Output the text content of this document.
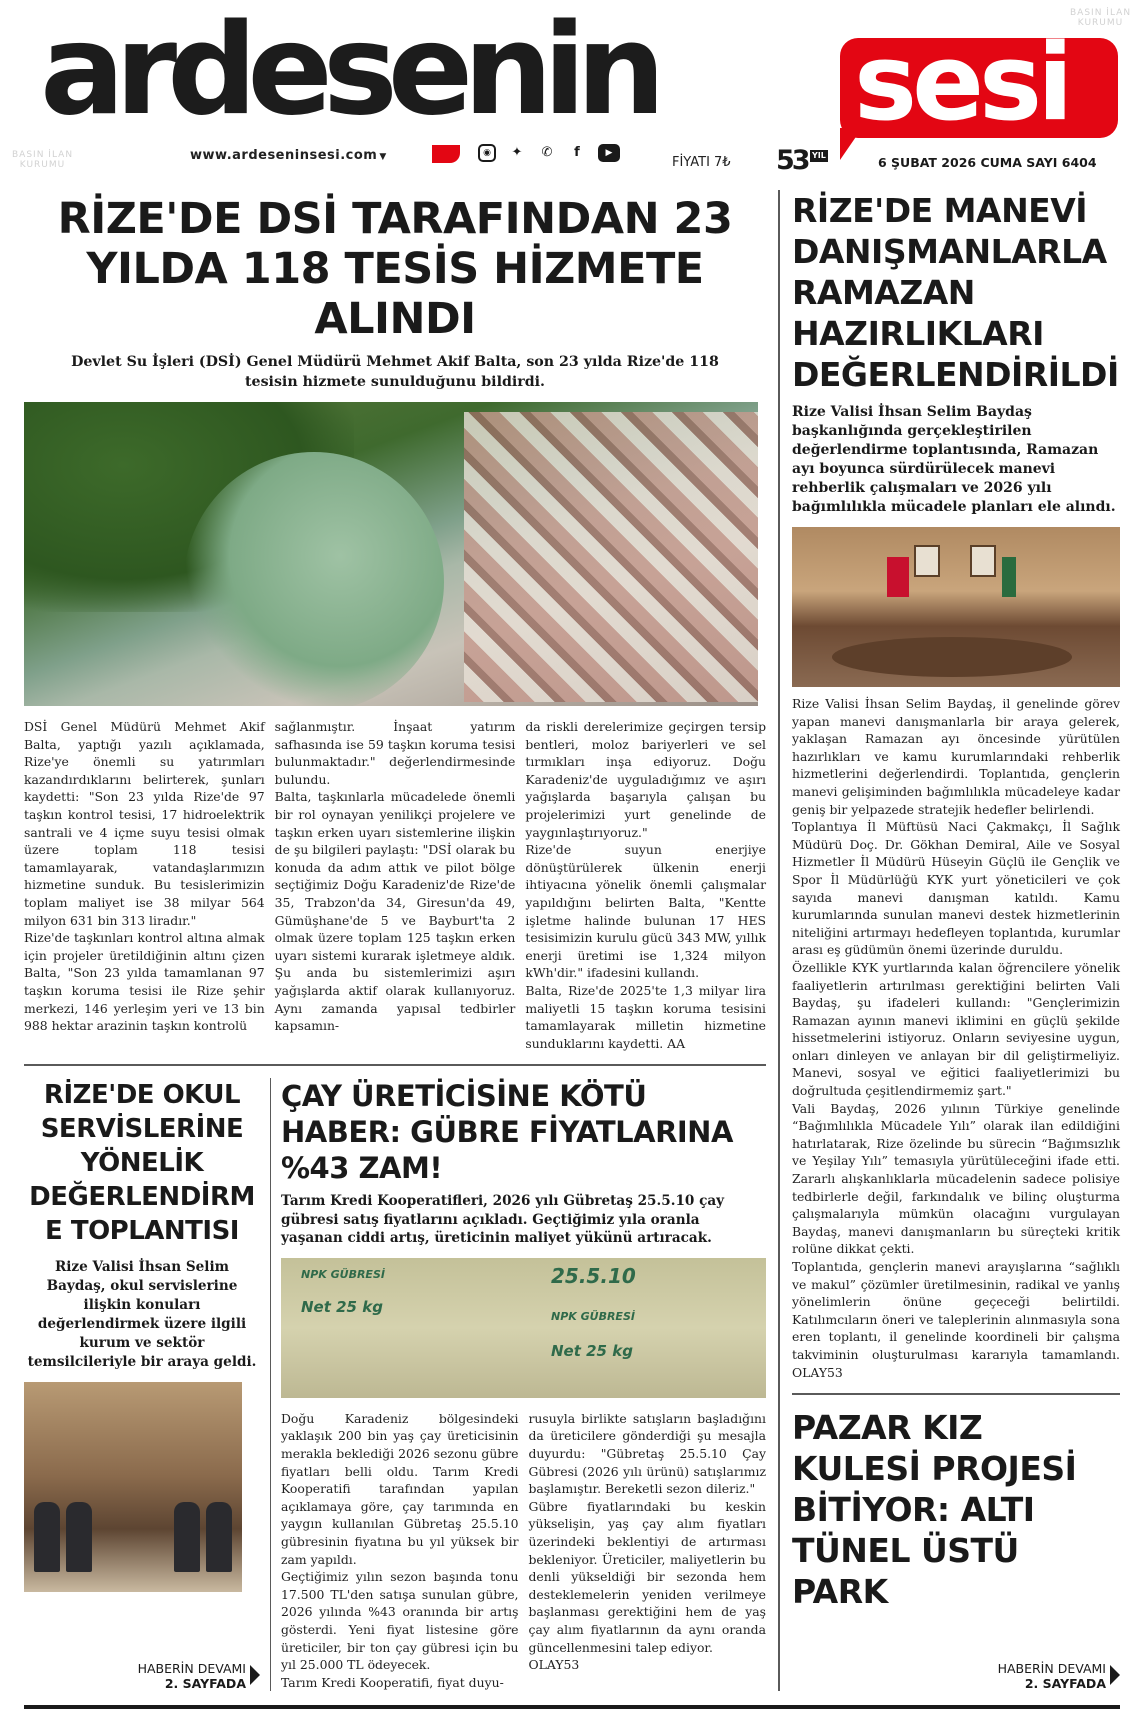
ardesenin sesi
www.ardeseninsesi.com ▼	◉	✦ ✆	f	▶
FİYATI 7₺ 53 YIL	6 ŞUBAT 2026 CUMA SAYI 6404
BASIN İLAN
KURUMU
BASIN İLAN
KURUMU
RİZE'DE DSİ TARAFINDAN 23 YILDA 118 TESİS HİZMETE ALINDI

Devlet Su İşleri (DSİ) Genel Müdürü Mehmet Akif Balta, son 23 yılda Rize'de 118 tesisin hizmete sunulduğunu bildirdi.

DSİ Genel Müdürü Mehmet Akif Balta, yaptığı yazılı açıklamada, Rize'ye önemli su yatırımları kazandırdıklarını belirterek, şunları kaydetti: "Son 23 yılda Rize'de 97 taşkın kontrol tesisi, 17 hidroelektrik santrali ve 4 içme suyu tesisi olmak üzere toplam 118 tesisi tamamlayarak, vatandaşlarımızın hizmetine sunduk. Bu tesislerimizin toplam maliyet ise 38 milyar 564 milyon 631 bin 313 liradır."

Rize'de taşkınları kontrol altına almak için projeler üretildiğinin altını çizen Balta, "Son 23 yılda tamamlanan 97 taşkın koruma tesisi ile Rize şehir merkezi, 146 yerleşim yeri ve 13 bin 988 hektar arazinin taşkın kontrolü

sağlanmıştır. İnşaat yatırım safhasında ise 59 taşkın koruma tesisi bulunmaktadır." değerlendirmesinde bulundu.

Balta, taşkınlarla mücadelede önemli bir rol oynayan yenilikçi projelere ve taşkın erken uyarı sistemlerine ilişkin de şu bilgileri paylaştı: "DSİ olarak bu konuda da adım attık ve pilot bölge seçtiğimiz Doğu Karadeniz'de Rize'de 35, Trabzon'da 34, Giresun'da 49, Gümüşhane'de 5 ve Bayburt'ta 2 olmak üzere toplam 125 taşkın erken uyarı sistemi kurarak işletmeye aldık. Şu anda bu sistemlerimizi aşırı yağışlarda aktif olarak kullanıyoruz. Aynı zamanda yapısal tedbirler kapsamın-

da riskli derelerimize geçirgen tersip bentleri, moloz bariyerleri ve sel tırmıkları inşa ediyoruz. Doğu Karadeniz'de uyguladığımız ve aşırı yağışlarda başarıyla çalışan bu projelerimizi yurt genelinde de yaygınlaştırıyoruz."

Rize'de suyun enerjiye dönüştürülerek ülkenin enerji ihtiyacına yönelik önemli çalışmalar yapıldığını belirten Balta, "Kentte işletme halinde bulunan 17 HES tesisimizin kurulu gücü 343 MW, yıllık enerji üretimi ise 1,324 milyon kWh'dir." ifadesini kullandı.

Balta, Rize'de 2025'te 1,3 milyar lira maliyetli 15 taşkın koruma tesisini tamamlayarak milletin hizmetine sunduklarını kaydetti. AA

RİZE'DE OKUL SERVİSLERİNE YÖNELİK DEĞERLENDİRME TOPLANTISI

Rize Valisi İhsan Selim Baydaş, okul servislerine ilişkin konuları değerlendirmek üzere ilgili kurum ve sektör temsilcileriyle bir araya geldi.

HABERİN DEVAMI
2. SAYFADA
ÇAY ÜRETİCİSİNE KÖTÜ HABER: GÜBRE FİYATLARINA %43 ZAM!

Tarım Kredi Kooperatifleri, 2026 yılı Gübretaş 25.5.10 çay gübresi satış fiyatlarını açıkladı. Geçtiğimiz yıla oranla yaşanan ciddi artış, üreticinin maliyet yükünü artıracak.

NPK GÜBRESİ
Net 25 kg
25.5.10
NPK GÜBRESİ
Net 25 kg

Doğu Karadeniz bölgesindeki yaklaşık 200 bin yaş çay üreticisinin merakla beklediği 2026 sezonu gübre fiyatları belli oldu. Tarım Kredi Kooperatifi tarafından yapılan açıklamaya göre, çay tarımında en yaygın kullanılan Gübretaş 25.5.10 gübresinin fiyatına bu yıl yüksek bir zam yapıldı.

Geçtiğimiz yılın sezon başında tonu 17.500 TL'den satışa sunulan gübre, 2026 yılında %43 oranında bir artış gösterdi. Yeni fiyat listesine göre üreticiler, bir ton çay gübresi için bu yıl 25.000 TL ödeyecek.

Tarım Kredi Kooperatifi, fiyat duyu-

rusuyla birlikte satışların başladığını da üreticilere gönderdiği şu mesajla duyurdu: "Gübretaş 25.5.10 Çay Gübresi (2026 yılı ürünü) satışlarımız başlamıştır. Bereketli sezon dileriz."

Gübre fiyatlarındaki bu keskin yükselişin, yaş çay alım fiyatları üzerindeki beklentiyi de artırması bekleniyor. Üreticiler, maliyetlerin bu denli yükseldiği bir sezonda hem desteklemelerin yeniden verilmeye başlanması gerektiğini hem de yaş çay alım fiyatlarının da aynı oranda güncellenmesini talep ediyor.

OLAY53

RİZE'DE MANEVİ DANIŞMANLARLA RAMAZAN HAZIRLIKLARI DEĞERLENDİRİLDİ

Rize Valisi İhsan Selim Baydaş başkanlığında gerçekleştirilen değerlendirme toplantısında, Ramazan ayı boyunca sürdürülecek manevi rehberlik çalışmaları ve 2026 yılı bağımlılıkla mücadele planları ele alındı.

Rize Valisi İhsan Selim Baydaş, il genelinde görev yapan manevi danışmanlarla bir araya gelerek, yaklaşan Ramazan ayı öncesinde yürütülen hazırlıkları ve kamu kurumlarındaki rehberlik hizmetlerini değerlendirdi. Toplantıda, gençlerin manevi gelişiminden bağımlılıkla mücadeleye kadar geniş bir yelpazede stratejik hedefler belirlendi.

Toplantıya İl Müftüsü Naci Çakmakçı, İl Sağlık Müdürü Doç. Dr. Gökhan Demiral, Aile ve Sosyal Hizmetler İl Müdürü Hüseyin Güçlü ile Gençlik ve Spor İl Müdürlüğü KYK yurt yöneticileri ve çok sayıda manevi danışman katıldı. Kamu kurumlarında sunulan manevi destek hizmetlerinin niteliğini artırmayı hedefleyen toplantıda, kurumlar arası eş güdümün önemi üzerinde duruldu.

Özellikle KYK yurtlarında kalan öğrencilere yönelik faaliyetlerin artırılması gerektiğini belirten Vali Baydaş, şu ifadeleri kullandı: "Gençlerimizin Ramazan ayının manevi iklimini en güçlü şekilde hissetmelerini istiyoruz. Onların seviyesine uygun, onları dinleyen ve anlayan bir dil geliştirmeliyiz. Manevi, sosyal ve eğitici faaliyetlerimizi bu doğrultuda çeşitlendirmemiz şart."

Vali Baydaş, 2026 yılının Türkiye genelinde “Bağımlılıkla Mücadele Yılı” olarak ilan edildiğini hatırlatarak, Rize özelinde bu sürecin “Bağımsızlık ve Yeşilay Yılı” temasıyla yürütüleceğini ifade etti. Zararlı alışkanlıklarla mücadelenin sadece polisiye tedbirlerle değil, farkındalık ve bilinç oluşturma çalışmalarıyla mümkün olacağını vurgulayan Baydaş, manevi danışmanların bu süreçteki kritik rolüne dikkat çekti.

Toplantıda, gençlerin manevi arayışlarına “sağlıklı ve makul” çözümler üretilmesinin, radikal ve yanlış yönelimlerin önüne geçeceği belirtildi. Katılımcıların öneri ve taleplerinin alınmasıyla sona eren toplantı, il genelinde koordineli bir çalışma takviminin oluşturulması kararıyla tamamlandı. OLAY53

PAZAR KIZ KULESİ PROJESİ BİTİYOR: ALTI TÜNEL ÜSTÜ PARK
HABERİN DEVAMI
2. SAYFADA
